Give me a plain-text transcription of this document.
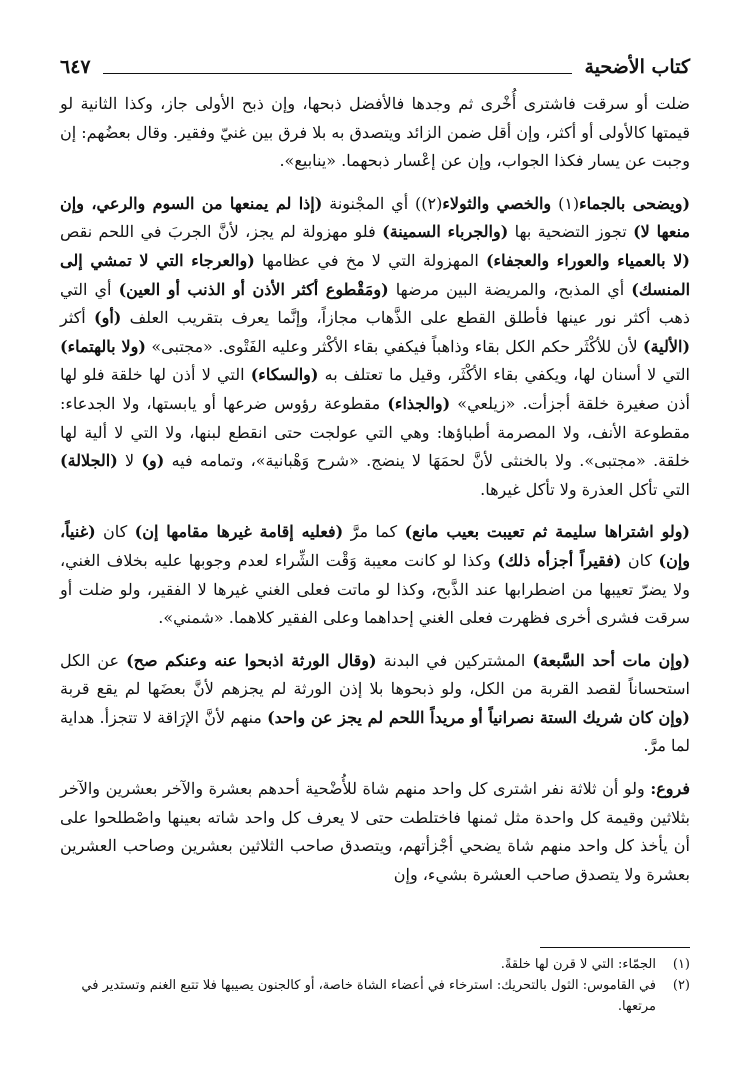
كتاب الأضحية
٦٤٧
ضلت أو سرقت فاشترى أُخْرى ثم وجدها فالأفضل ذبحها، وإن ذبح الأولى جاز، وكذا الثانية لو قيمتها كالأولى أو أكثر، وإن أقل ضمن الزائد ويتصدق به بلا فرق بين غنيّ وفقير. وقال بعضُهم: إن وجبت عن يسار فكذا الجواب، وإن عن إعْسار ذبحهما. «ينابيع».
(ويضحى بالجماء(١) والخصي والثولاء(٢)) أي المجْنونة (إذا لم يمنعها من السوم والرعي، وإن منعها لا) تجوز التضحية بها (والجرباء السمينة) فلو مهزولة لم يجز، لأنَّ الجربَ في اللحم نقص (لا بالعمياء والعوراء والعجفاء) المهزولة التي لا مخ في عظامها (والعرجاء التي لا تمشي إلى المنسك) أي المذبح، والمريضة البين مرضها (ومَقْطوع أكثر الأذن أو الذنب أو العين) أي التي ذهب أكثر نور عينها فأطلق القطع على الذَّهاب مجازاً، وإنَّما يعرف بتقريب العلف (أو) أكثر (الألية) لأن للأكْثَر حكم الكل بقاء وذاهباً فيكفي بقاء الأكْثر وعليه الفَتْوى. «مجتبى» (ولا بالهتماء) التي لا أسنان لها، ويكفي بقاء الأكْثَر، وقيل ما تعتلف به (والسكاء) التي لا أذن لها خلقة فلو لها أذن صغيرة خلقة أجزأت. «زيلعي» (والجذاء) مقطوعة رؤوس ضرعها أو يابستها، ولا الجدعاء: مقطوعة الأنف، ولا المصرمة أطباؤها: وهي التي عولجت حتى انقطع لبنها، ولا التي لا ألية لها خلقة. «مجتبى». ولا بالخنثى لأنَّ لحمَهَا لا ينضج. «شرح وَهْبانية»، وتمامه فيه (و) لا (الجلالة) التي تأكل العذرة ولا تأكل غيرها.
(ولو اشتراها سليمة ثم تعيبت بعيب مانع) كما مرَّ (فعليه إقامة غيرها مقامها إن) كان (غنياً، وإن) كان (فقيراً أجزأه ذلك) وكذا لو كانت معيبة وَقْت الشِّراء لعدم وجوبها عليه بخلاف الغني، ولا يضرّ تعيبها من اضطرابها عند الذَّبح، وكذا لو ماتت فعلى الغني غيرها لا الفقير، ولو ضلت أو سرقت فشرى أخرى فظهرت فعلى الغني إحداهما وعلى الفقير كلاهما. «شمني».
(وإن مات أحد السَّبعة) المشتركين في البدنة (وقال الورثة اذبحوا عنه وعنكم صح) عن الكل استحساناً لقصد القربة من الكل، ولو ذبحوها بلا إذن الورثة لم يجزهم لأنَّ بعضَها لم يقع قربة (وإن كان شريك الستة نصرانياً أو مريداً اللحم لم يجز عن واحد) منهم لأنَّ الإرَاقة لا تتجزأ. هداية لما مرَّ.
فروع: ولو أن ثلاثة نفر اشترى كل واحد منهم شاة للأُضْحية أحدهم بعشرة والآخر بعشرين والآخر بثلاثين وقيمة كل واحدة مثل ثمنها فاختلطت حتى لا يعرف كل واحد شاته بعينها واصْطلحوا على أن يأخذ كل واحد منهم شاة يضحي أجْزأتهم، ويتصدق صاحب الثلاثين بعشرين وصاحب العشرين بعشرة ولا يتصدق صاحب العشرة بشيء، وإن
(١)
الجمّاء: التي لا قرن لها خلقةً.
(٢)
في القاموس: الثول بالتحريك: استرخاء في أعضاء الشاة خاصة، أو كالجنون يصيبها فلا تتبع الغنم وتستدير في مرتعها.
